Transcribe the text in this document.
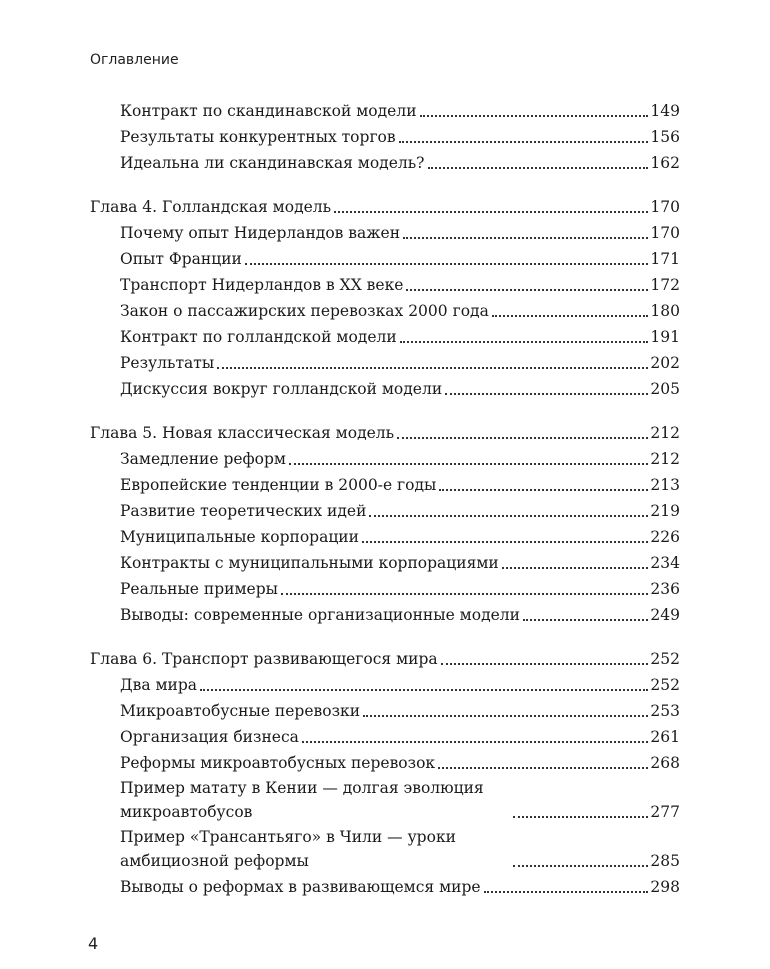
Оглавление
Контракт по скандинавской модели	149
Результаты конкурентных торгов	156
Идеальна ли скандинавская модель?	162
Глава 4. Голландская модель	170
Почему опыт Нидерландов важен	170
Опыт Франции	171
Транспорт Нидерландов в XX веке	172
Закон о пассажирских перевозках 2000 года	180
Контракт по голландской модели	191
Результаты	202
Дискуссия вокруг голландской модели	205
Глава 5. Новая классическая модель	212
Замедление реформ	212
Европейские тенденции в 2000-е годы	213
Развитие теоретических идей	219
Муниципальные корпорации	226
Контракты с муниципальными корпорациями	234
Реальные примеры	236
Выводы: современные организационные модели	249
Глава 6. Транспорт развивающегося мира	252
Два мира	252
Микроавтобусные перевозки	253
Организация бизнеса	261
Реформы микроавтобусных перевозок	268
Пример матату в Кении — долгая эволюция микроавтобусов	277
Пример «Трансантьяго» в Чили — уроки амбициозной реформы	285
Выводы о реформах в развивающемся мире	298
4
